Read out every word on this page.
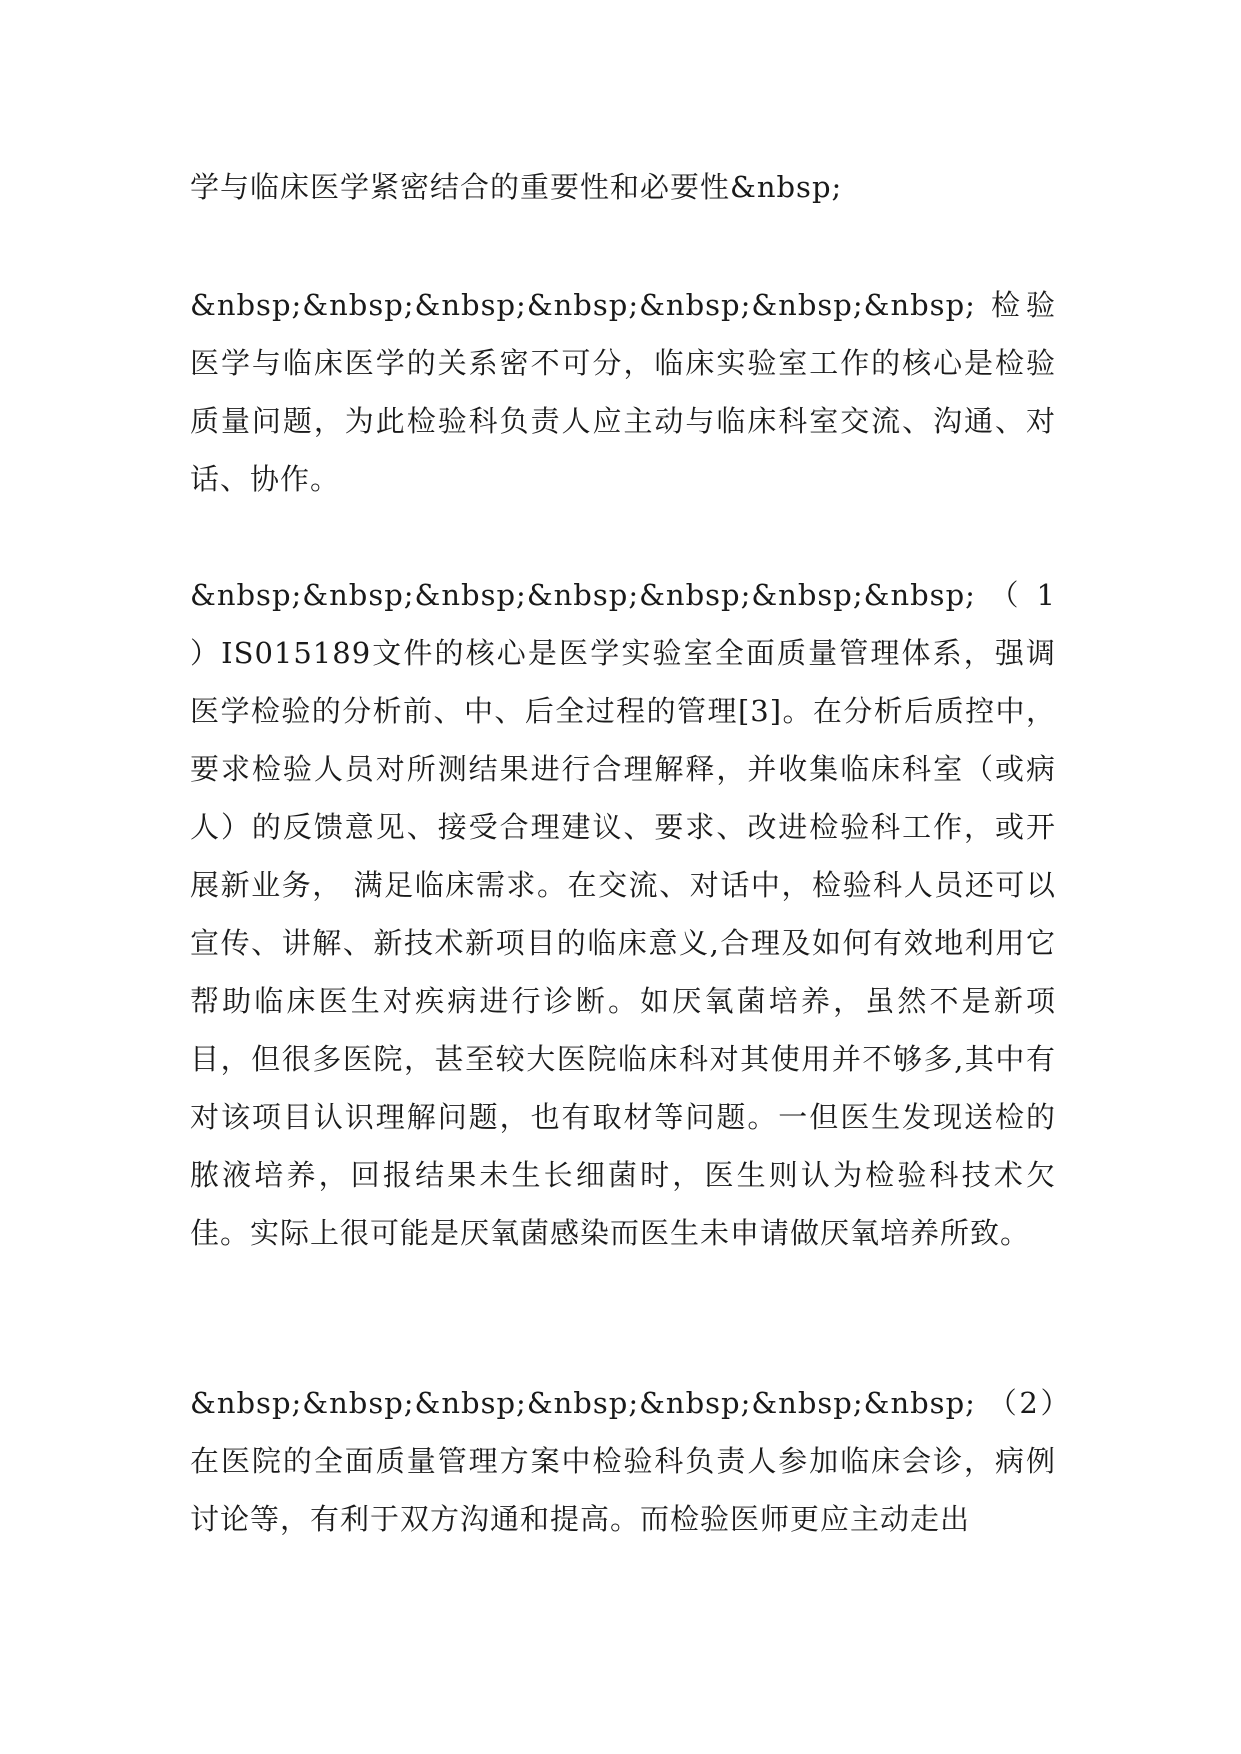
学与临床医学紧密结合的重要性和必要性&nbsp;

&nbsp;&nbsp;&nbsp;&nbsp;&nbsp;&nbsp;&nbsp; 检验医学与临床医学的关系密不可分，临床实验室工作的核心是检验质量问题，为此检验科负责人应主动与临床科室交流、沟通、对话、协作。

&nbsp;&nbsp;&nbsp;&nbsp;&nbsp;&nbsp;&nbsp; （ 1 ）IS015189文件的核心是医学实验室全面质量管理体系，强调医学检验的分析前、中、后全过程的管理[3]。在分析后质控中，要求检验人员对所测结果进行合理解释，并收集临床科室（或病人）的反馈意见、接受合理建议、要求、改进检验科工作，或开展新业务， 满足临床需求。在交流、对话中，检验科人员还可以宣传、讲解、新技术新项目的临床意义,合理及如何有效地利用它帮助临床医生对疾病进行诊断。如厌氧菌培养，虽然不是新项目，但很多医院，甚至较大医院临床科对其使用并不够多,其中有对该项目认识理解问题，也有取材等问题。一但医生发现送检的脓液培养，回报结果未生长细菌时，医生则认为检验科技术欠佳。实际上很可能是厌氧菌感染而医生未申请做厌氧培养所致。

&nbsp;&nbsp;&nbsp;&nbsp;&nbsp;&nbsp;&nbsp; （2）在医院的全面质量管理方案中检验科负责人参加临床会诊，病例讨论等，有利于双方沟通和提高。而检验医师更应主动走出
